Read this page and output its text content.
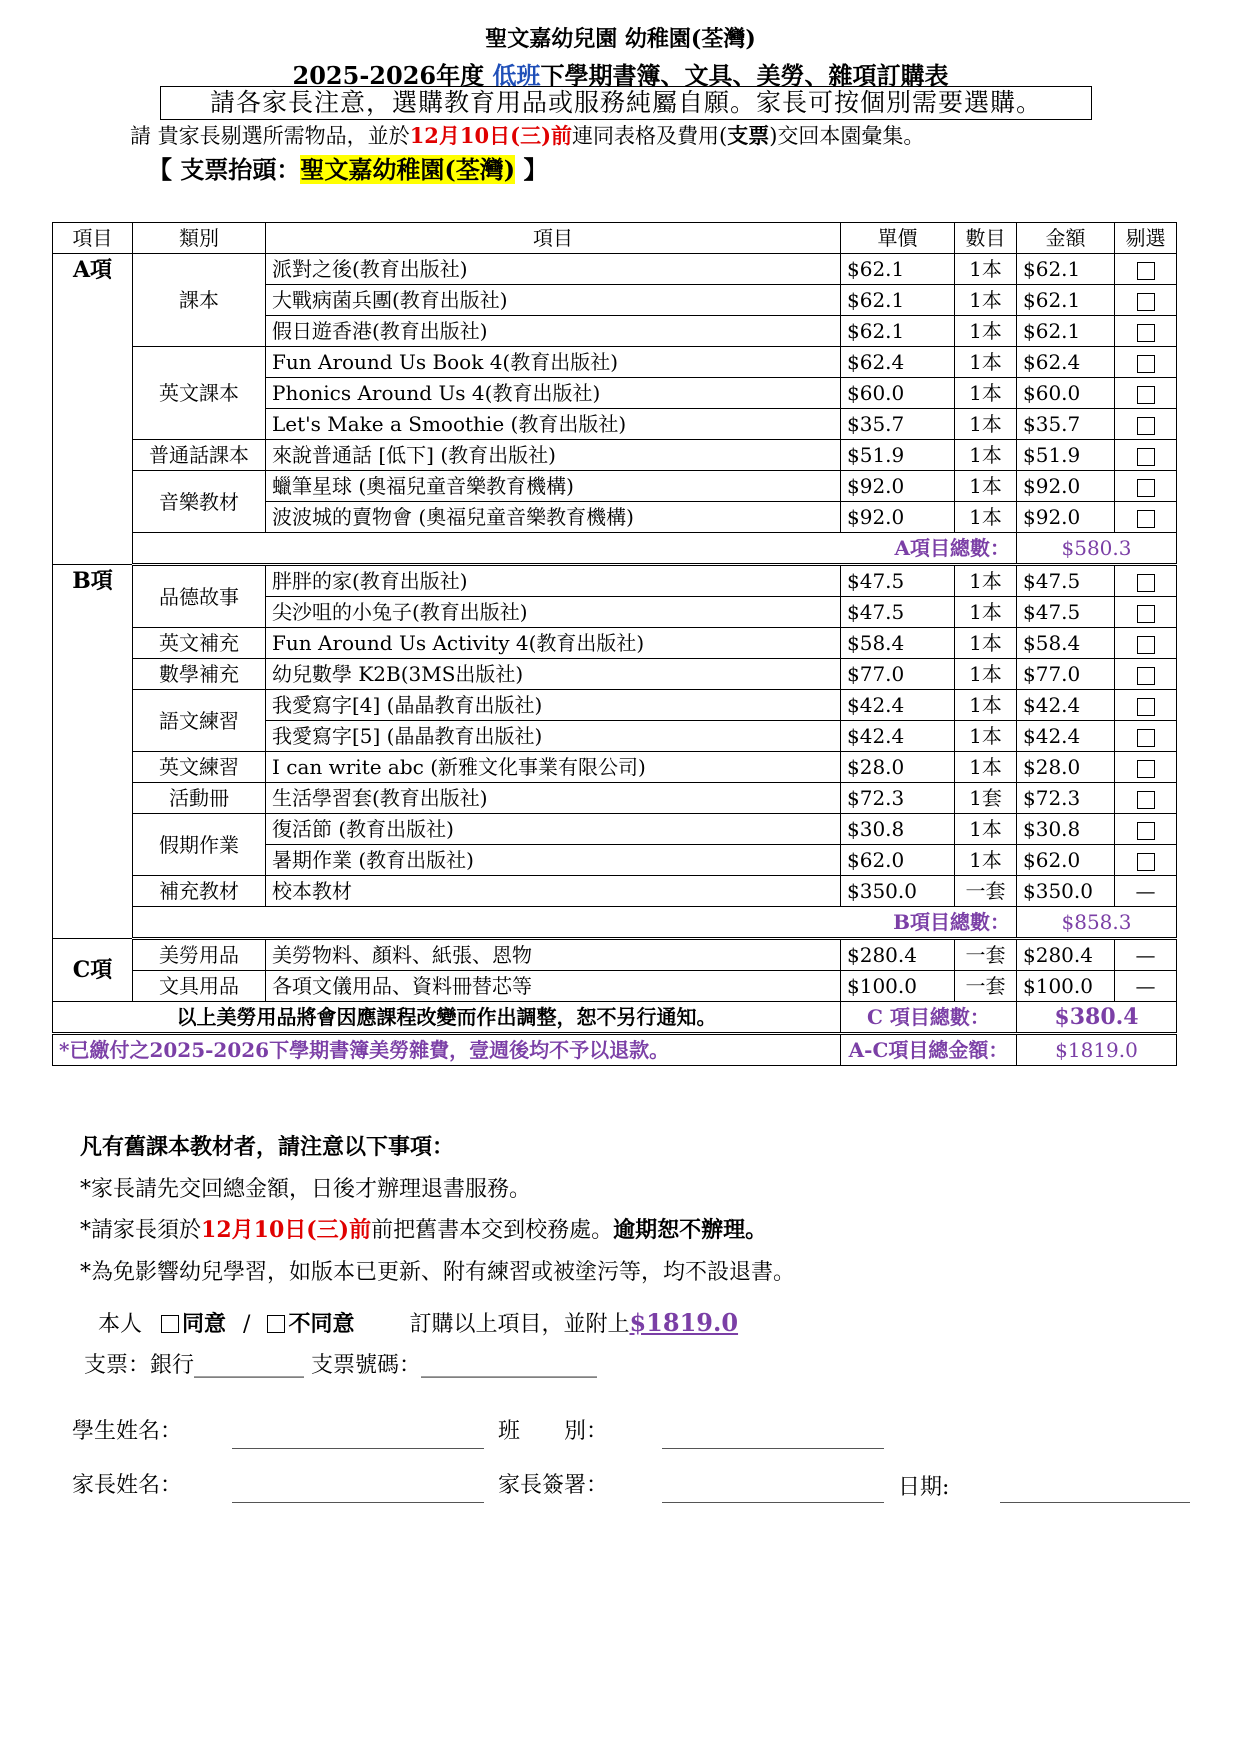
聖文嘉幼兒園 幼稚園(荃灣)
2025-2026年度 低班下學期書簿、文具、美勞、雜項訂購表
請各家長注意，選購教育用品或服務純屬自願。家長可按個別需要選購。
請 貴家長剔選所需物品，並於12月10日(三)前連同表格及費用(支票)交回本園彙集。
【 支票抬頭：聖文嘉幼稚園(荃灣) 】
項目	類別	項目	單價	數目	金額	剔選
A項	課本	派對之後(教育出版社)	$62.1	1本	$62.1	
		大戰病菌兵團(教育出版社)	$62.1	1本	$62.1	
		假日遊香港(教育出版社)	$62.1	1本	$62.1	
	英文課本	Fun Around Us Book 4(教育出版社)	$62.4	1本	$62.4	
		Phonics Around Us 4(教育出版社)	$60.0	1本	$60.0	
		Let's Make a Smoothie (教育出版社)	$35.7	1本	$35.7	
	普通話課本	來說普通話 [低下] (教育出版社)	$51.9	1本	$51.9	
	音樂教材	蠟筆星球 (奧福兒童音樂教育機構)	$92.0	1本	$92.0	
		波波城的賣物會 (奧福兒童音樂教育機構)	$92.0	1本	$92.0	
	A項目總數：				$580.3	
B項	品德故事	胖胖的家(教育出版社)	$47.5	1本	$47.5	
		尖沙咀的小兔子(教育出版社)	$47.5	1本	$47.5	
	英文補充	Fun Around Us Activity 4(教育出版社)	$58.4	1本	$58.4	
	數學補充	幼兒數學 K2B(3MS出版社)	$77.0	1本	$77.0	
	語文練習	我愛寫字[4] (晶晶教育出版社)	$42.4	1本	$42.4	
		我愛寫字[5] (晶晶教育出版社)	$42.4	1本	$42.4	
	英文練習	I can write abc (新雅文化事業有限公司)	$28.0	1本	$28.0	
	活動冊	生活學習套(教育出版社)	$72.3	1套	$72.3	
	假期作業	復活節 (教育出版社)	$30.8	1本	$30.8	
		暑期作業 (教育出版社)	$62.0	1本	$62.0	
	補充教材	校本教材	$350.0	一套	$350.0	—
	B項目總數：				$858.3	
C項	美勞用品	美勞物料、顏料、紙張、恩物	$280.4	一套	$280.4	—
	文具用品	各項文儀用品、資料冊替芯等	$100.0	一套	$100.0	—
以上美勞用品將會因應課程改變而作出調整，恕不另行通知。			C 項目總數：		$380.4	
*已繳付之2025-2026下學期書簿美勞雜費，壹週後均不予以退款。			A-C項目總金額：		$1819.0	
凡有舊課本教材者，請注意以下事項：
*家長請先交回總金額，日後才辦理退書服務。
*請家長須於12月10日(三)前前把舊書本交到校務處。逾期恕不辦理。
*為免影響幼兒學習，如版本已更新、附有練習或被塗污等，均不設退書。
本人 同意 / 不同意	訂購以上項目，並附上$1819.0
支票：銀行__________ 支票號碼：________________
學生姓名：	班　　別：
家長姓名：	家長簽署：	日期:
